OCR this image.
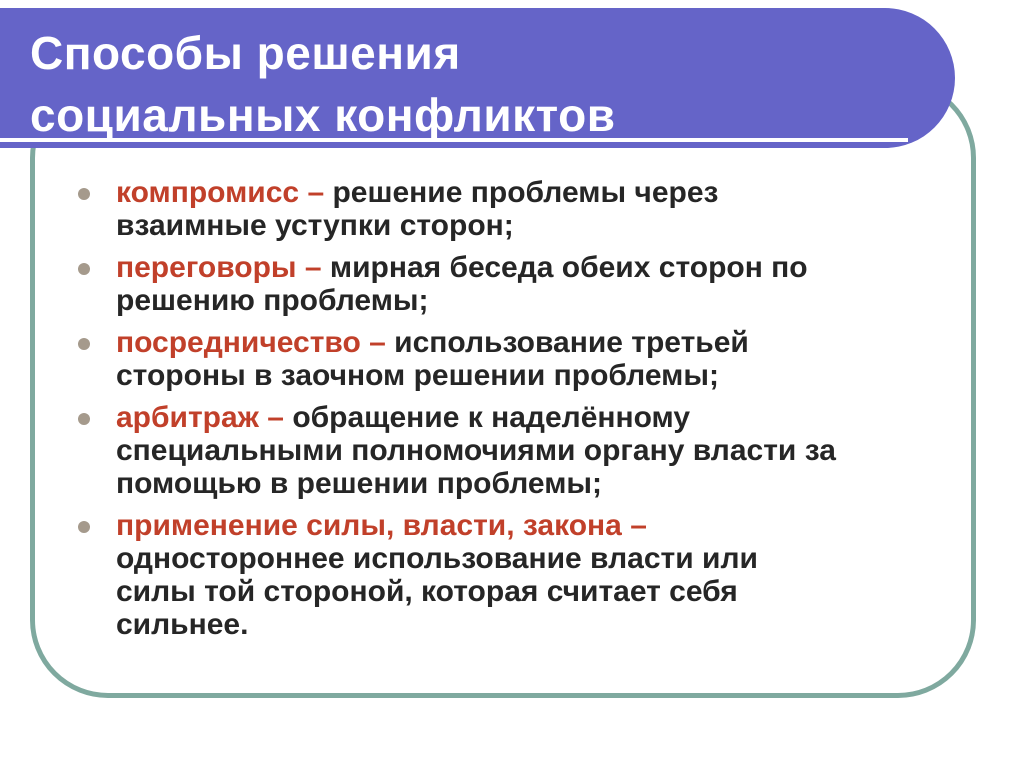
Способы решения
социальных конфликтов
компромисс – решение проблемы через
взаимные уступки сторон;
переговоры – мирная беседа обеих сторон по
решению проблемы;
посредничество – использование третьей
стороны в заочном решении проблемы;
арбитраж – обращение к наделённому
специальными полномочиями органу власти за
помощью в решении проблемы;
применение силы, власти, закона –
одностороннее использование власти или
силы той стороной, которая считает себя
сильнее.
